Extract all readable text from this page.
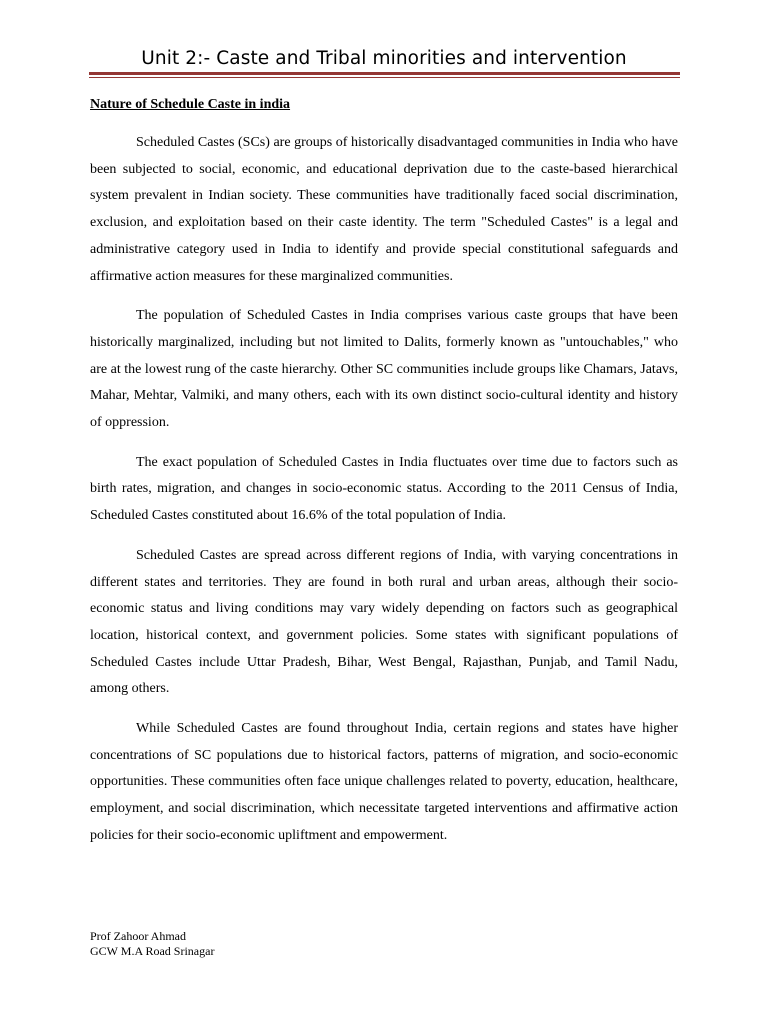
Unit 2:- Caste and Tribal minorities and intervention
Nature of Schedule Caste in india

Scheduled Castes (SCs) are groups of historically disadvantaged communities in India who have been subjected to social, economic, and educational deprivation due to the caste-based hierarchical system prevalent in Indian society. These communities have traditionally faced social discrimination, exclusion, and exploitation based on their caste identity. The term "Scheduled Castes" is a legal and administrative category used in India to identify and provide special constitutional safeguards and affirmative action measures for these marginalized communities.

The population of Scheduled Castes in India comprises various caste groups that have been historically marginalized, including but not limited to Dalits, formerly known as "untouchables," who are at the lowest rung of the caste hierarchy. Other SC communities include groups like Chamars, Jatavs, Mahar, Mehtar, Valmiki, and many others, each with its own distinct socio-cultural identity and history of oppression.

The exact population of Scheduled Castes in India fluctuates over time due to factors such as birth rates, migration, and changes in socio-economic status. According to the 2011 Census of India, Scheduled Castes constituted about 16.6% of the total population of India.

Scheduled Castes are spread across different regions of India, with varying concentrations in different states and territories. They are found in both rural and urban areas, although their socio-economic status and living conditions may vary widely depending on factors such as geographical location, historical context, and government policies. Some states with significant populations of Scheduled Castes include Uttar Pradesh, Bihar, West Bengal, Rajasthan, Punjab, and Tamil Nadu, among others.

While Scheduled Castes are found throughout India, certain regions and states have higher concentrations of SC populations due to historical factors, patterns of migration, and socio-economic opportunities. These communities often face unique challenges related to poverty, education, healthcare, employment, and social discrimination, which necessitate targeted interventions and affirmative action policies for their socio-economic upliftment and empowerment.

Prof Zahoor Ahmad
GCW M.A Road Srinagar
